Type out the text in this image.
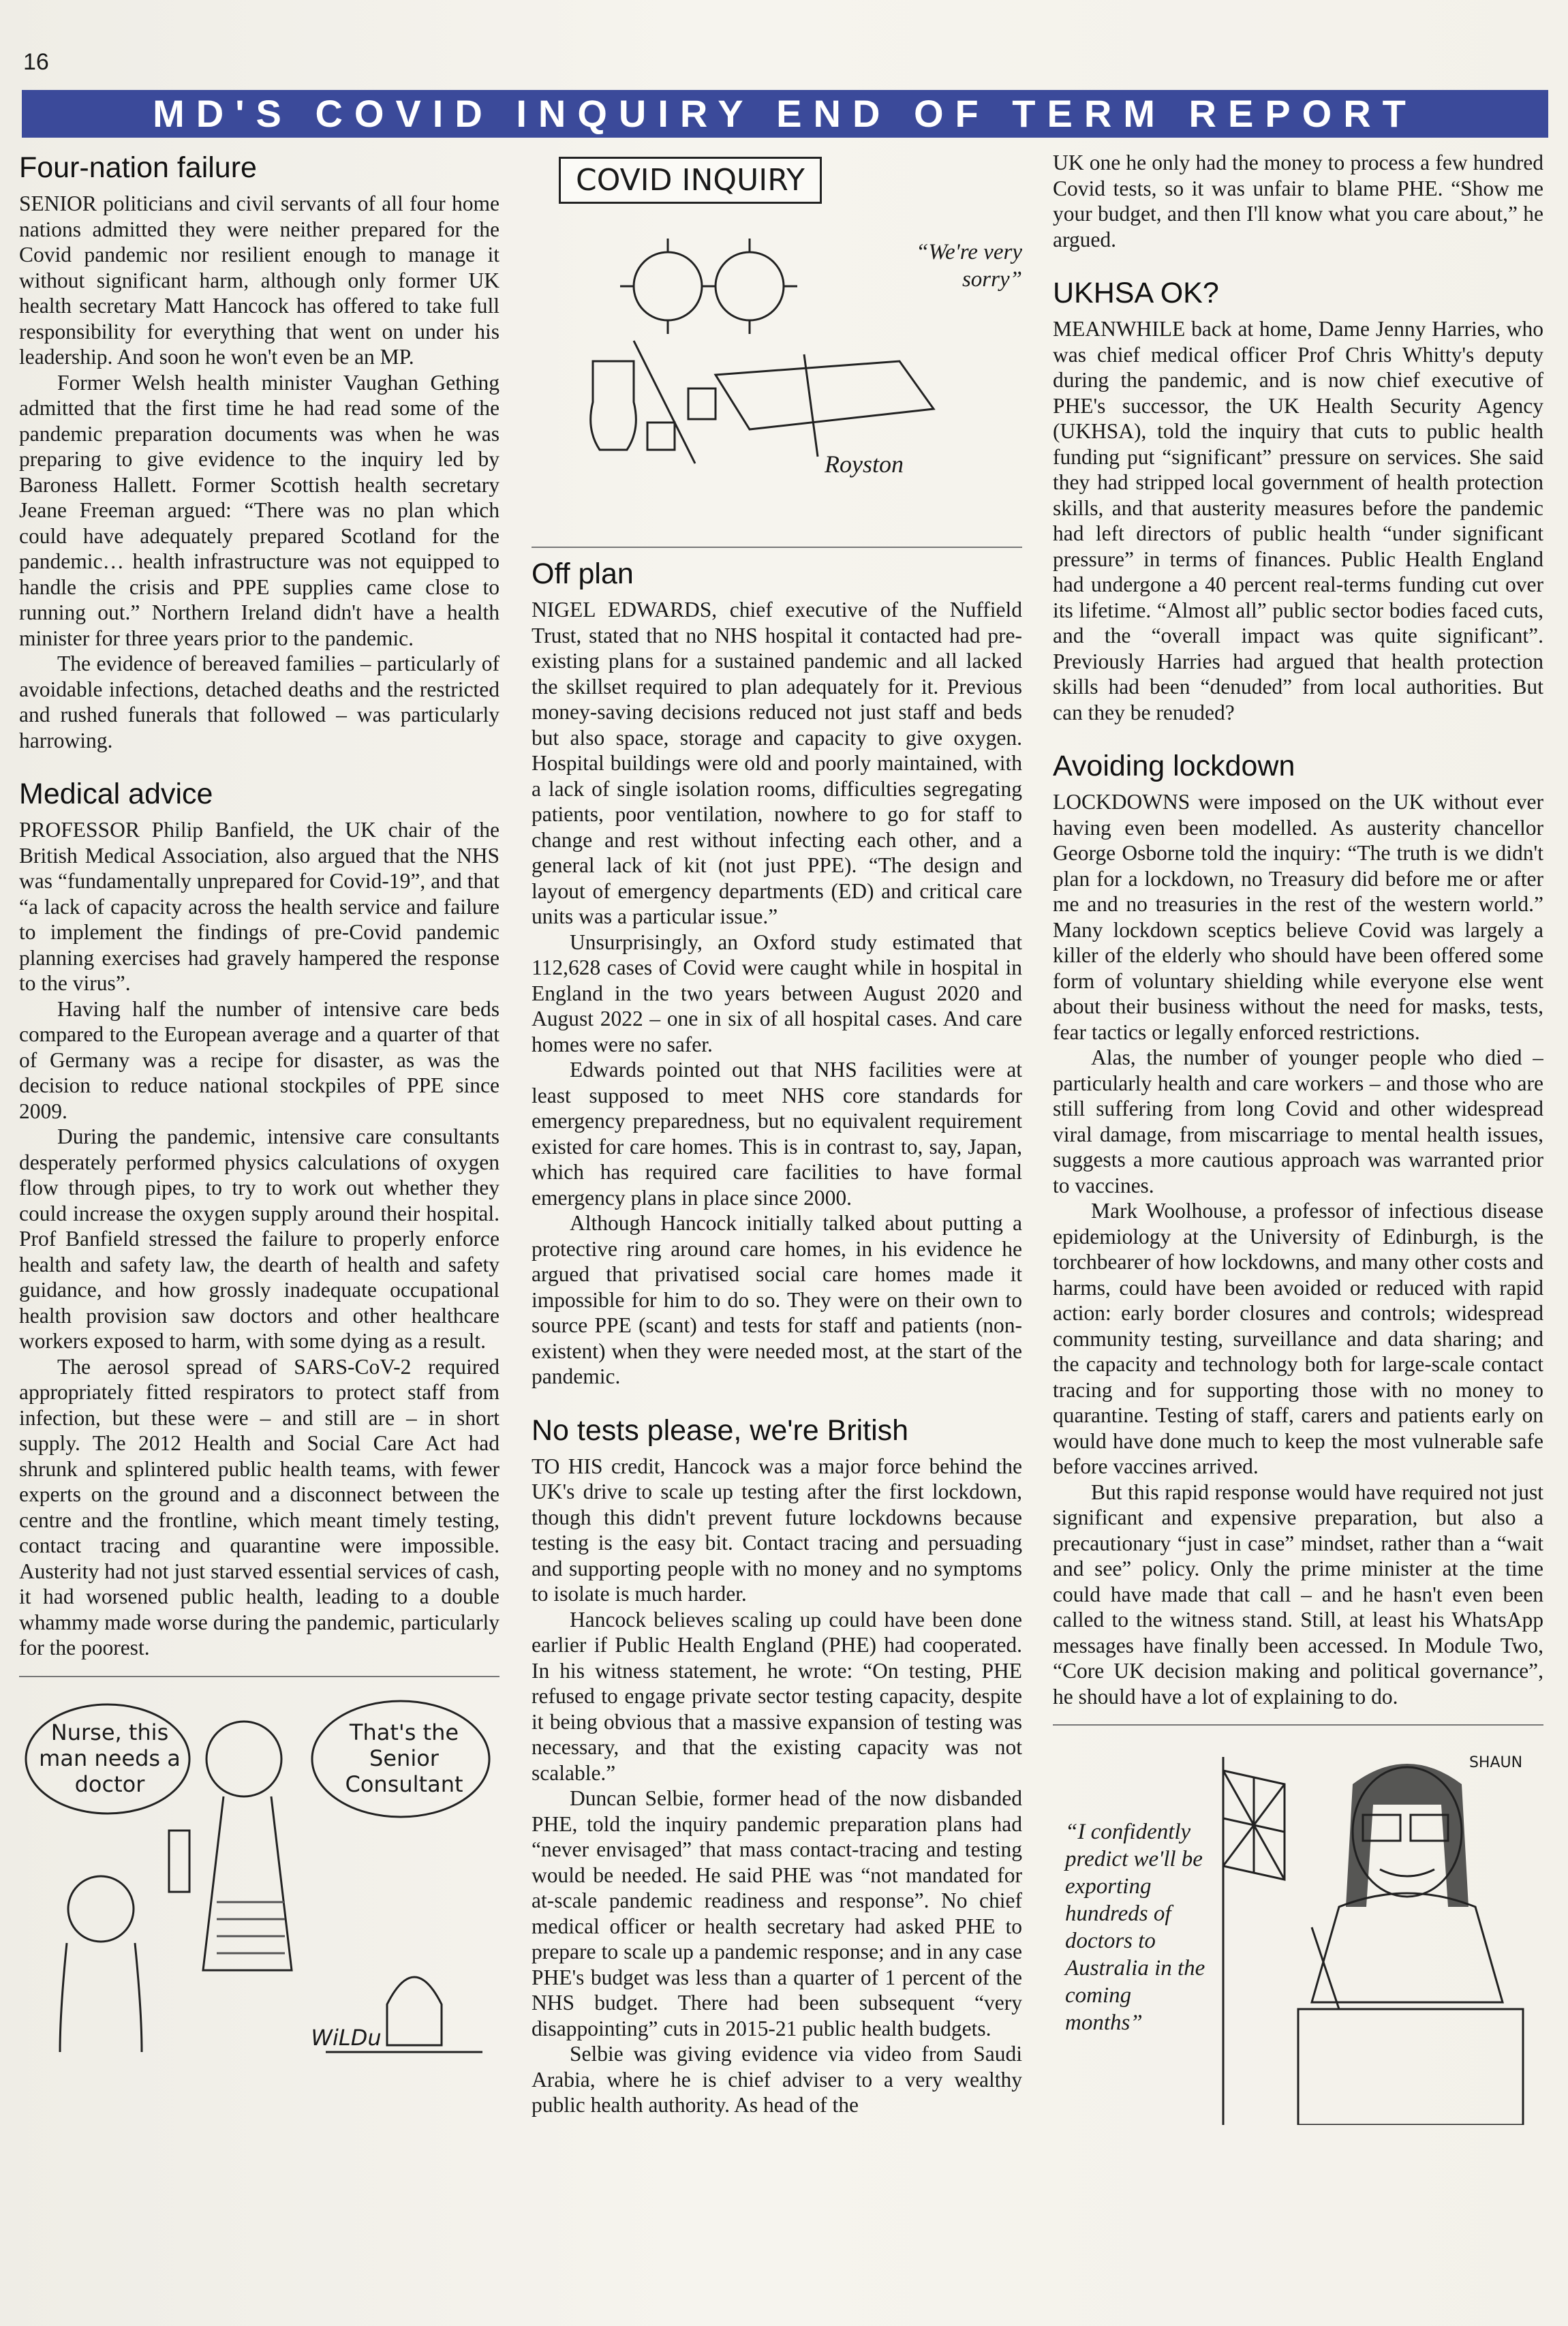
16
MD'S COVID INQUIRY END OF TERM REPORT
Four-nation failure

SENIOR politicians and civil servants of all four home nations admitted they were neither prepared for the Covid pandemic nor resilient enough to manage it without significant harm, although only former UK health secretary Matt Hancock has offered to take full responsibility for everything that went on under his leadership. And soon he won't even be an MP.

Former Welsh health minister Vaughan Gething admitted that the first time he had read some of the pandemic preparation documents was when he was preparing to give evidence to the inquiry led by Baroness Hallett. Former Scottish health secretary Jeane Freeman argued: “There was no plan which could have adequately prepared Scotland for the pandemic… health infrastructure was not equipped to handle the crisis and PPE supplies came close to running out.” Northern Ireland didn't have a health minister for three years prior to the pandemic.

The evidence of bereaved families – particularly of avoidable infections, detached deaths and the restricted and rushed funerals that followed – was particularly harrowing.

Medical advice

PROFESSOR Philip Banfield, the UK chair of the British Medical Association, also argued that the NHS was “fundamentally unprepared for Covid-19”, and that “a lack of capacity across the health service and failure to implement the findings of pre-Covid pandemic planning exercises had gravely hampered the response to the virus”.

Having half the number of intensive care beds compared to the European average and a quarter of that of Germany was a recipe for disaster, as was the decision to reduce national stockpiles of PPE since 2009.

During the pandemic, intensive care consultants desperately performed physics calculations of oxygen flow through pipes, to try to work out whether they could increase the oxygen supply around their hospital. Prof Banfield stressed the failure to properly enforce health and safety law, the dearth of health and safety guidance, and how grossly inadequate occupational health provision saw doctors and other healthcare workers exposed to harm, with some dying as a result.

The aerosol spread of SARS-CoV-2 required appropriately fitted respirators to protect staff from infection, but these were – and still are – in short supply. The 2012 Health and Social Care Act had shrunk and splintered public health teams, with fewer experts on the ground and a disconnect between the centre and the frontline, which meant timely testing, contact tracing and quarantine were impossible. Austerity had not just starved essential services of cash, it had worsened public health, leading to a double whammy made worse during the pandemic, particularly for the poorest.

Nurse, this man needs a doctor
That's the Senior Consultant
WiLDu
COVID INQUIRY
“We're very sorry”
Royston
Off plan

NIGEL EDWARDS, chief executive of the Nuffield Trust, stated that no NHS hospital it contacted had pre-existing plans for a sustained pandemic and all lacked the skillset required to plan adequately for it. Previous money-saving decisions reduced not just staff and beds but also space, storage and capacity to give oxygen. Hospital buildings were old and poorly maintained, with a lack of single isolation rooms, difficulties segregating patients, poor ventilation, nowhere to go for staff to change and rest without infecting each other, and a general lack of kit (not just PPE). “The design and layout of emergency departments (ED) and critical care units was a particular issue.”

Unsurprisingly, an Oxford study estimated that 112,628 cases of Covid were caught while in hospital in England in the two years between August 2020 and August 2022 – one in six of all hospital cases. And care homes were no safer.

Edwards pointed out that NHS facilities were at least supposed to meet NHS core standards for emergency preparedness, but no equivalent requirement existed for care homes. This is in contrast to, say, Japan, which has required care facilities to have formal emergency plans in place since 2000.

Although Hancock initially talked about putting a protective ring around care homes, in his evidence he argued that privatised social care homes made it impossible for him to do so. They were on their own to source PPE (scant) and tests for staff and patients (non-existent) when they were needed most, at the start of the pandemic.

No tests please, we're British

TO HIS credit, Hancock was a major force behind the UK's drive to scale up testing after the first lockdown, though this didn't prevent future lockdowns because testing is the easy bit. Contact tracing and persuading and supporting people with no money and no symptoms to isolate is much harder.

Hancock believes scaling up could have been done earlier if Public Health England (PHE) had cooperated. In his witness statement, he wrote: “On testing, PHE refused to engage private sector testing capacity, despite it being obvious that a massive expansion of testing was necessary, and that the existing capacity was not scalable.”

Duncan Selbie, former head of the now disbanded PHE, told the inquiry pandemic preparation plans had “never envisaged” that mass contact-tracing and testing would be needed. He said PHE was “not mandated for at-scale pandemic readiness and response”. No chief medical officer or health secretary had asked PHE to prepare to scale up a pandemic response; and in any case PHE's budget was less than a quarter of 1 percent of the NHS budget. There had been subsequent “very disappointing” cuts in 2015-21 public health budgets.

Selbie was giving evidence via video from Saudi Arabia, where he is chief adviser to a very wealthy public health authority. As head of the

UK one he only had the money to process a few hundred Covid tests, so it was unfair to blame PHE. “Show me your budget, and then I'll know what you care about,” he argued.

UKHSA OK?

MEANWHILE back at home, Dame Jenny Harries, who was chief medical officer Prof Chris Whitty's deputy during the pandemic, and is now chief executive of PHE's successor, the UK Health Security Agency (UKHSA), told the inquiry that cuts to public health funding put “significant” pressure on services. She said they had stripped local government of health protection skills, and that austerity measures before the pandemic had left directors of public health “under significant pressure” in terms of finances. Public Health England had undergone a 40 percent real-terms funding cut over its lifetime. “Almost all” public sector bodies faced cuts, and the “overall impact was quite significant”. Previously Harries had argued that health protection skills had been “denuded” from local authorities. But can they be renuded?

Avoiding lockdown

LOCKDOWNS were imposed on the UK without ever having even been modelled. As austerity chancellor George Osborne told the inquiry: “The truth is we didn't plan for a lockdown, no Treasury did before me or after me and no treasuries in the rest of the western world.” Many lockdown sceptics believe Covid was largely a killer of the elderly who should have been offered some form of voluntary shielding while everyone else went about their business without the need for masks, tests, fear tactics or legally enforced restrictions.

Alas, the number of younger people who died – particularly health and care workers – and those who are still suffering from long Covid and other widespread viral damage, from miscarriage to mental health issues, suggests a more cautious approach was warranted prior to vaccines.

Mark Woolhouse, a professor of infectious disease epidemiology at the University of Edinburgh, is the torchbearer of how lockdowns, and many other costs and harms, could have been avoided or reduced with rapid action: early border closures and controls; widespread community testing, surveillance and data sharing; and the capacity and technology both for large-scale contact tracing and for supporting those with no money to quarantine. Testing of staff, carers and patients early on would have done much to keep the most vulnerable safe before vaccines arrived.

But this rapid response would have required not just significant and expensive preparation, but also a precautionary “just in case” mindset, rather than a “wait and see” policy. Only the prime minister at the time could have made that call – and he hasn't even been called to the witness stand. Still, at least his WhatsApp messages have finally been accessed. In Module Two, “Core UK decision making and political governance”, he should have a lot of explaining to do.

“I confidently predict we'll be exporting hundreds of doctors to Australia in the coming months”
SHAUN
